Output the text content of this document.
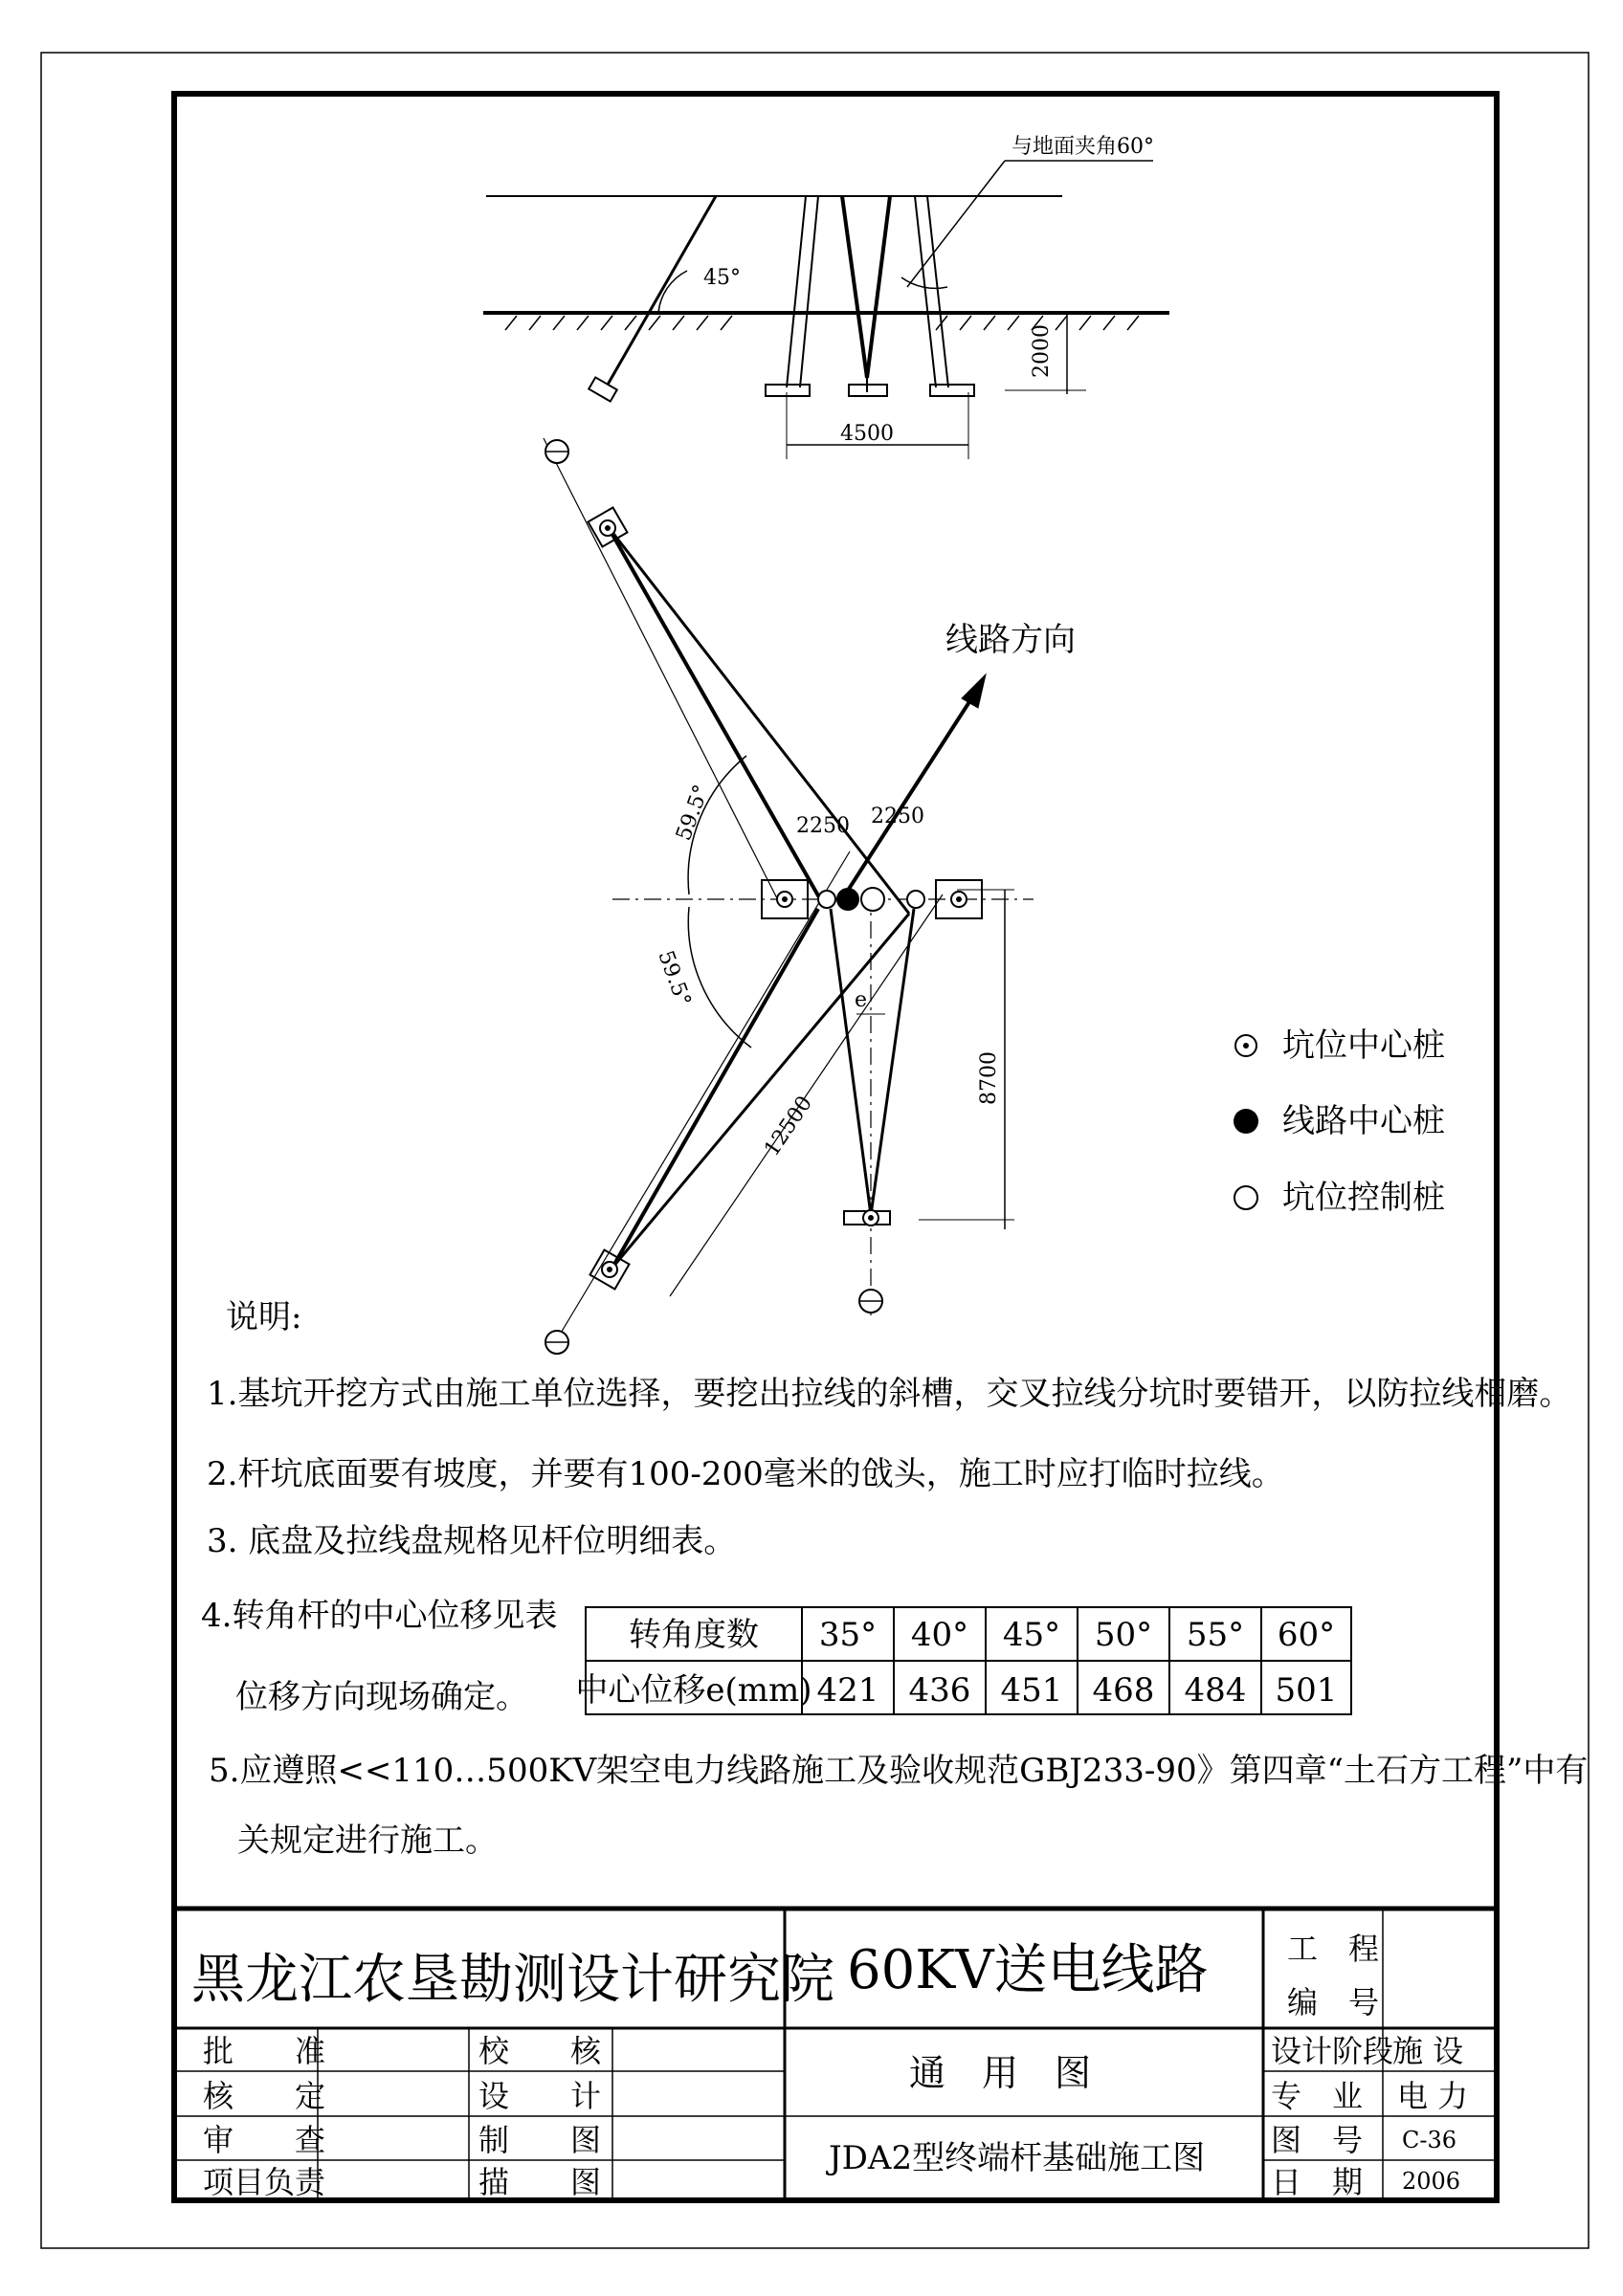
与地面夹角60°
45°
2000
4500
线路方向
59.5°
59.5°
2250 2250
e
8700
12500
坑位中心桩
线路中心桩
坑位控制桩
说明:
1.基坑开挖方式由施工单位选择，要挖出拉线的斜槽，交叉拉线分坑时要错开，以防拉线相磨。
2.杆坑底面要有坡度，并要有100-200毫米的戗头，施工时应打临时拉线。
3. 底盘及拉线盘规格见杆位明细表。
4.转角杆的中心位移见表
位移方向现场确定。
5.应遵照<<110…500KV架空电力线路施工及验收规范GBJ233-90》第四章“土石方工程”中有
关规定进行施工。
转角度数
中心位移e(mm)
35° 40° 45° 50° 55° 60°
421 436 451 468 484 501
黑龙江农垦勘测设计研究院 60KV送电线路	工　程
编　号
通　用　图
JDA2型终端杆基础施工图
批　　准
核　　定
审　　查
项目负责
校　　核
设　　计
制　　图
描　　图
设计阶段
专　业
图　号
日　期
施 设
电 力
C-36
2006
